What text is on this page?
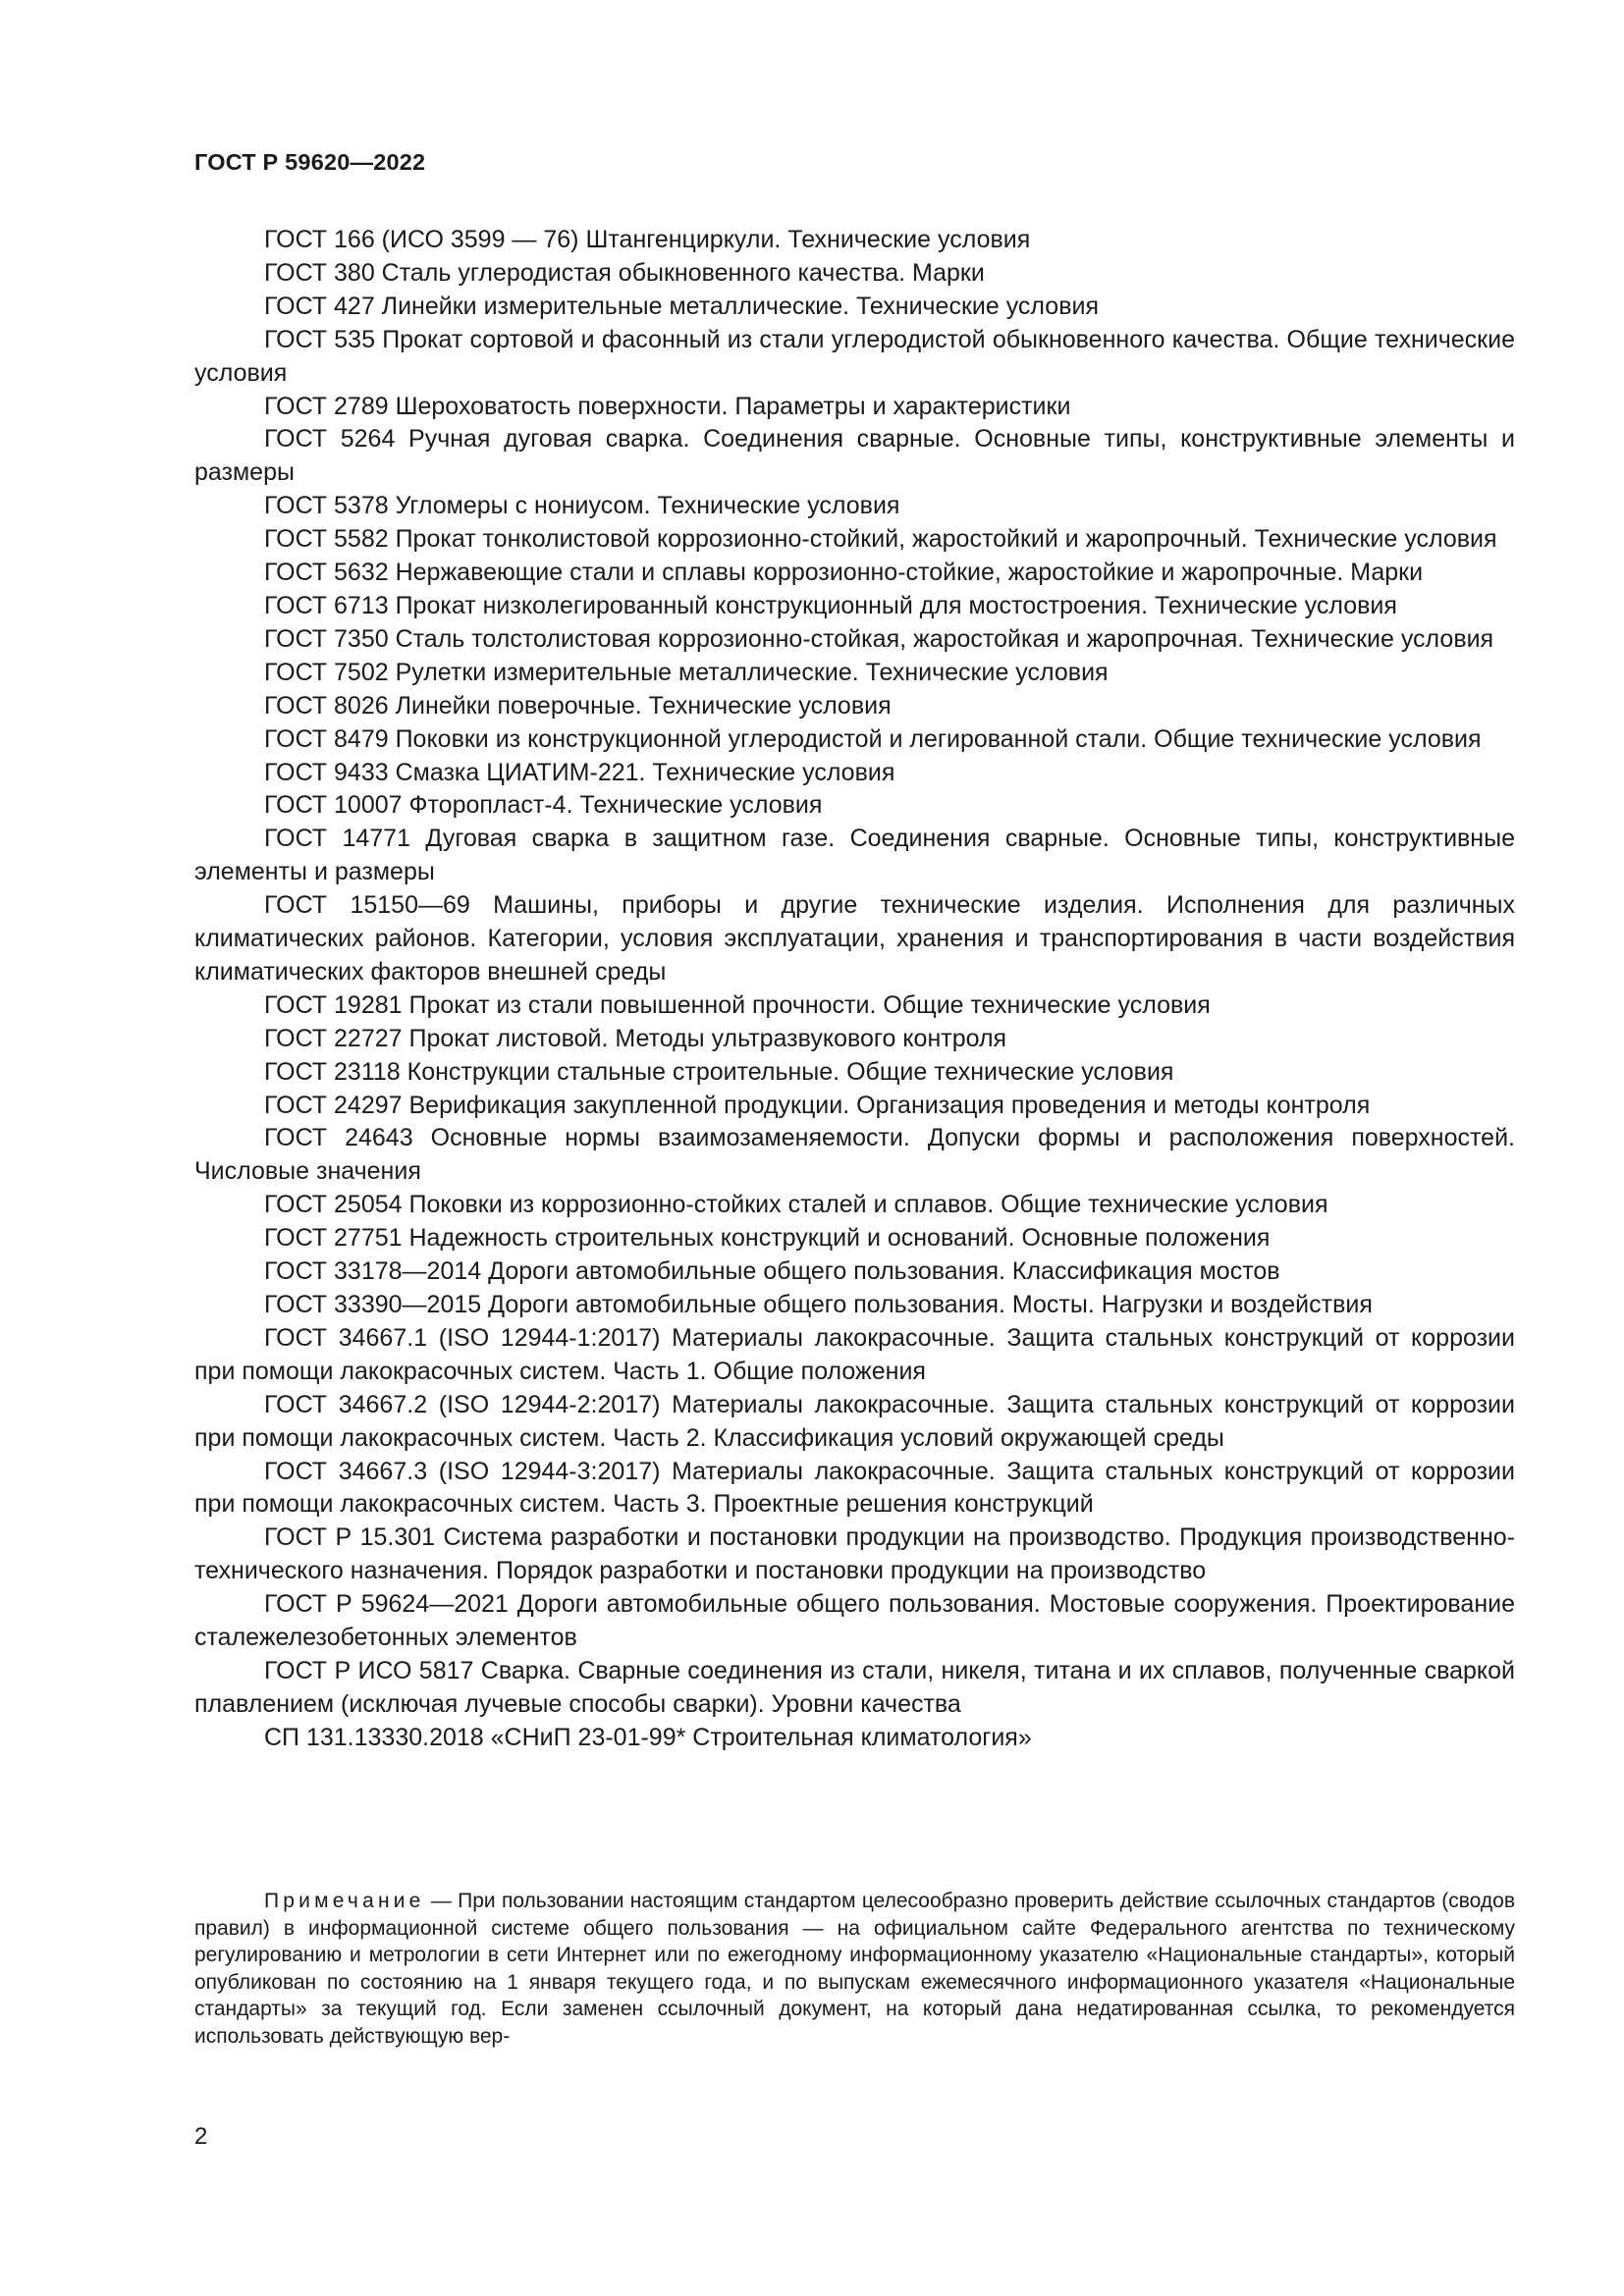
ГОСТ Р 59620—2022

ГОСТ 166 (ИСО 3599 — 76) Штангенциркули. Технические условия

ГОСТ 380 Сталь углеродистая обыкновенного качества. Марки

ГОСТ 427 Линейки измерительные металлические. Технические условия

ГОСТ 535 Прокат сортовой и фасонный из стали углеродистой обыкновенного качества. Общие технические условия

ГОСТ 2789 Шероховатость поверхности. Параметры и характеристики

ГОСТ 5264 Ручная дуговая сварка. Соединения сварные. Основные типы, конструктивные элементы и размеры

ГОСТ 5378 Угломеры с нониусом. Технические условия

ГОСТ 5582 Прокат тонколистовой коррозионно-стойкий, жаростойкий и жаропрочный. Технические условия

ГОСТ 5632 Нержавеющие стали и сплавы коррозионно-стойкие, жаростойкие и жаропрочные. Марки

ГОСТ 6713 Прокат низколегированный конструкционный для мостостроения. Технические условия

ГОСТ 7350 Сталь толстолистовая коррозионно-стойкая, жаростойкая и жаропрочная. Технические условия

ГОСТ 7502 Рулетки измерительные металлические. Технические условия

ГОСТ 8026 Линейки поверочные. Технические условия

ГОСТ 8479 Поковки из конструкционной углеродистой и легированной стали. Общие технические условия

ГОСТ 9433 Смазка ЦИАТИМ-221. Технические условия

ГОСТ 10007 Фторопласт-4. Технические условия

ГОСТ 14771 Дуговая сварка в защитном газе. Соединения сварные. Основные типы, конструктивные элементы и размеры

ГОСТ 15150—69 Машины, приборы и другие технические изделия. Исполнения для различных климатических районов. Категории, условия эксплуатации, хранения и транспортирования в части воздействия климатических факторов внешней среды

ГОСТ 19281 Прокат из стали повышенной прочности. Общие технические условия

ГОСТ 22727 Прокат листовой. Методы ультразвукового контроля

ГОСТ 23118 Конструкции стальные строительные. Общие технические условия

ГОСТ 24297 Верификация закупленной продукции. Организация проведения и методы контроля

ГОСТ 24643 Основные нормы взаимозаменяемости. Допуски формы и расположения поверхностей. Числовые значения

ГОСТ 25054 Поковки из коррозионно-стойких сталей и сплавов. Общие технические условия

ГОСТ 27751 Надежность строительных конструкций и оснований. Основные положения

ГОСТ 33178—2014 Дороги автомобильные общего пользования. Классификация мостов

ГОСТ 33390—2015 Дороги автомобильные общего пользования. Мосты. Нагрузки и воздействия

ГОСТ 34667.1 (ISO 12944-1:2017) Материалы лакокрасочные. Защита стальных конструкций от коррозии при помощи лакокрасочных систем. Часть 1. Общие положения

ГОСТ 34667.2 (ISO 12944-2:2017) Материалы лакокрасочные. Защита стальных конструкций от коррозии при помощи лакокрасочных систем. Часть 2. Классификация условий окружающей среды

ГОСТ 34667.3 (ISO 12944-3:2017) Материалы лакокрасочные. Защита стальных конструкций от коррозии при помощи лакокрасочных систем. Часть 3. Проектные решения конструкций

ГОСТ Р 15.301 Система разработки и постановки продукции на производство. Продукция производственно-технического назначения. Порядок разработки и постановки продукции на производство

ГОСТ Р 59624—2021 Дороги автомобильные общего пользования. Мостовые сооружения. Проектирование сталежелезобетонных элементов

ГОСТ Р ИСО 5817 Сварка. Сварные соединения из стали, никеля, титана и их сплавов, полученные сваркой плавлением (исключая лучевые способы сварки). Уровни качества

СП 131.13330.2018 «СНиП 23-01-99* Строительная климатология»

Примечание — При пользовании настоящим стандартом целесообразно проверить действие ссылочных стандартов (сводов правил) в информационной системе общего пользования — на официальном сайте Федерального агентства по техническому регулированию и метрологии в сети Интернет или по ежегодному информационному указателю «Национальные стандарты», который опубликован по состоянию на 1 января текущего года, и по выпускам ежемесячного информационного указателя «Национальные стандарты» за текущий год. Если заменен ссылочный документ, на который дана недатированная ссылка, то рекомендуется использовать действующую вер-

2
